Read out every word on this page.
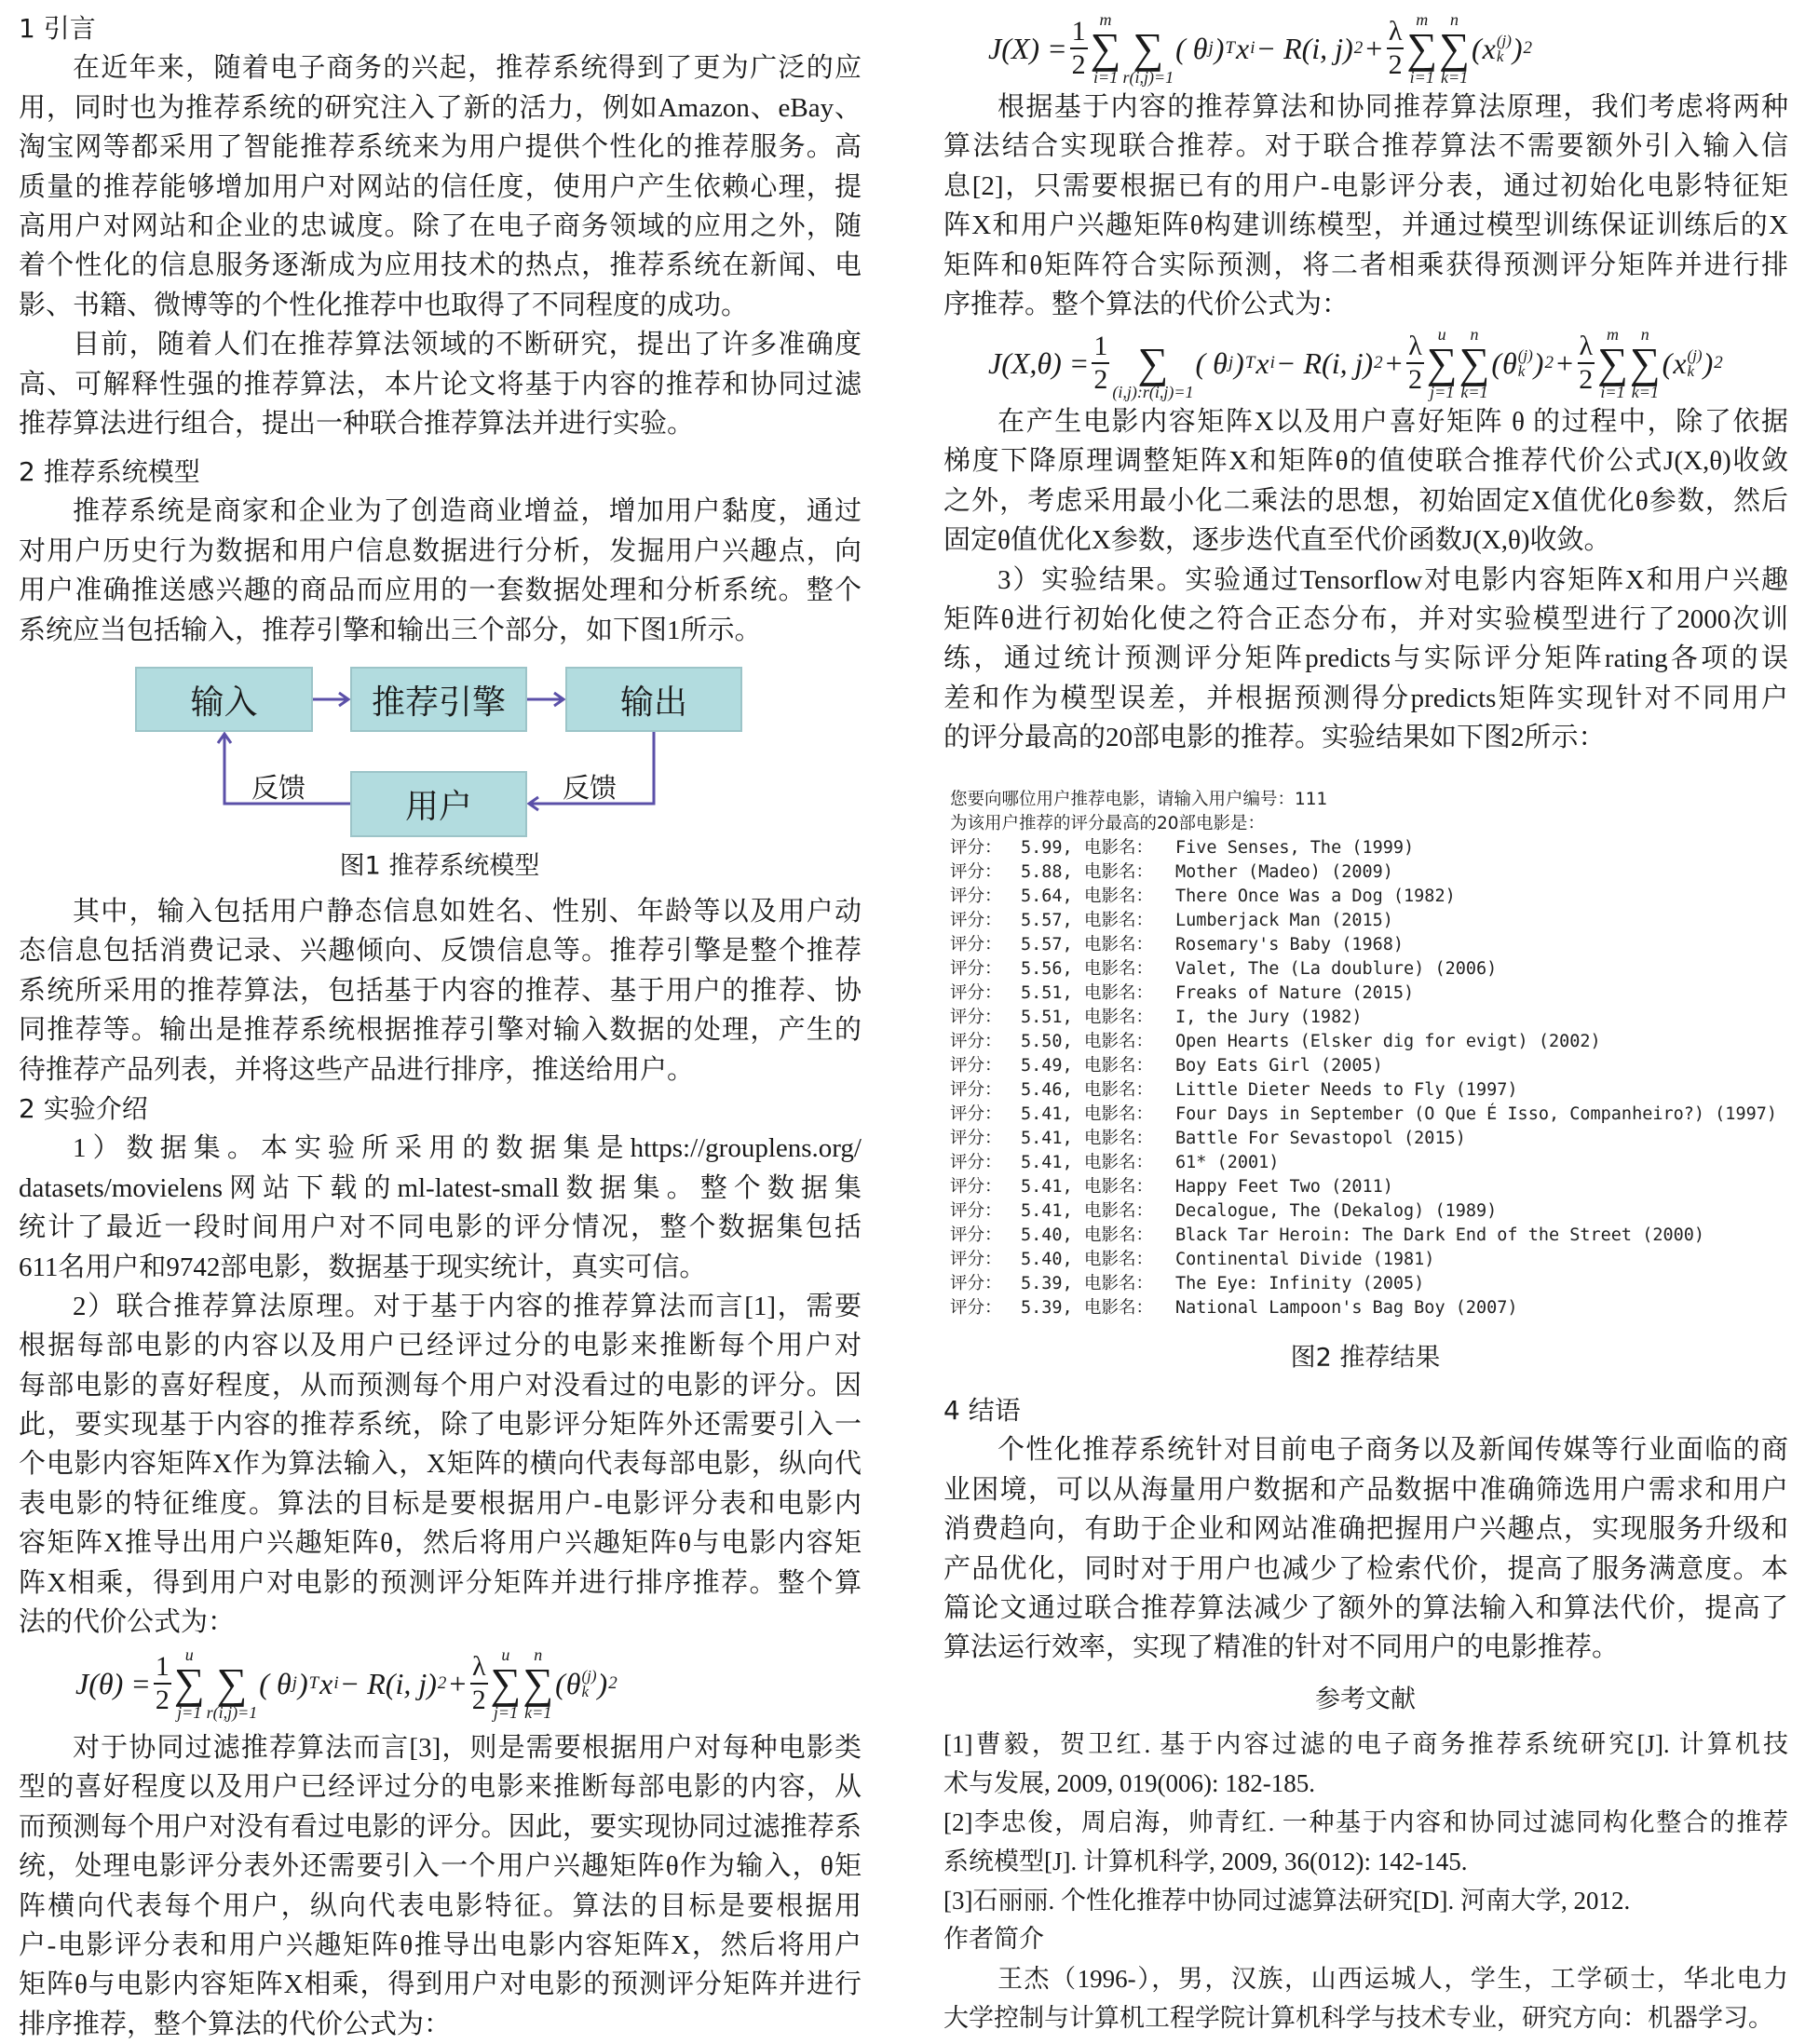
1 引言
在近年来，随着电子商务的兴起，推荐系统得到了更为广泛的应
用，同时也为推荐系统的研究注入了新的活力，例如Amazon、eBay、
淘宝网等都采用了智能推荐系统来为用户提供个性化的推荐服务。高
质量的推荐能够增加用户对网站的信任度，使用户产生依赖心理，提
高用户对网站和企业的忠诚度。除了在电子商务领域的应用之外，随
着个性化的信息服务逐渐成为应用技术的热点，推荐系统在新闻、电
影、书籍、微博等的个性化推荐中也取得了不同程度的成功。
目前，随着人们在推荐算法领域的不断研究，提出了许多准确度
高、可解释性强的推荐算法，本片论文将基于内容的推荐和协同过滤
推荐算法进行组合，提出一种联合推荐算法并进行实验。
2 推荐系统模型
推荐系统是商家和企业为了创造商业增益，增加用户黏度，通过
对用户历史行为数据和用户信息数据进行分析，发掘用户兴趣点，向
用户准确推送感兴趣的商品而应用的一套数据处理和分析系统。整个
系统应当包括输入，推荐引擎和输出三个部分，如下图1所示。
输入	推荐引擎	输出
用户
反馈	反馈
图1 推荐系统模型
其中，输入包括用户静态信息如姓名、性别、年龄等以及用户动
态信息包括消费记录、兴趣倾向、反馈信息等。推荐引擎是整个推荐
系统所采用的推荐算法，包括基于内容的推荐、基于用户的推荐、协
同推荐等。输出是推荐系统根据推荐引擎对输入数据的处理，产生的
待推荐产品列表，并将这些产品进行排序，推送给用户。
2 实验介绍
1）数据集。本实验所采用的数据集是https://grouplens.org/
datasets/movielens网站下载的ml-latest-small数据集。整个数据集
统计了最近一段时间用户对不同电影的评分情况，整个数据集包括
611名用户和9742部电影，数据基于现实统计，真实可信。
2）联合推荐算法原理。对于基于内容的推荐算法而言[1]，需要
根据每部电影的内容以及用户已经评过分的电影来推断每个用户对
每部电影的喜好程度，从而预测每个用户对没看过的电影的评分。因
此，要实现基于内容的推荐系统，除了电影评分矩阵外还需要引入一
个电影内容矩阵X作为算法输入，X矩阵的横向代表每部电影，纵向代
表电影的特征维度。算法的目标是要根据用户-电影评分表和电影内
容矩阵X推导出用户兴趣矩阵θ，然后将用户兴趣矩阵θ与电影内容矩
阵X相乘，得到用户对电影的预测评分矩阵并进行排序推荐。整个算
法的代价公式为：
$J(\theta) = \frac{1}{2}$ u
∑
j=1
∑
r(i,j)=1
( θ j ) T x i − R(i, j) $2 + \frac{\lambda}{2}$ u
∑
j=1
n
∑
k=1
( θ (j)
k ) 2
对于协同过滤推荐算法而言[3]，则是需要根据用户对每种电影类
型的喜好程度以及用户已经评过分的电影来推断每部电影的内容，从
而预测每个用户对没有看过电影的评分。因此，要实现协同过滤推荐系
统，处理电影评分表外还需要引入一个用户兴趣矩阵θ作为输入，θ矩
阵横向代表每个用户，纵向代表电影特征。算法的目标是要根据用
户-电影评分表和用户兴趣矩阵θ推导出电影内容矩阵X，然后将用户
矩阵θ与电影内容矩阵X相乘，得到用户对电影的预测评分矩阵并进行
排序推荐，整个算法的代价公式为：
$J(X) = \frac{1}{2}$ m
∑
i=1
∑
r(i,j)=1
( θ j ) T x i − R(i, j) $2 + \frac{\lambda}{2}$ m
∑
i=1
n
∑
k=1
( x (j)
k ) 2
根据基于内容的推荐算法和协同推荐算法原理，我们考虑将两种
算法结合实现联合推荐。对于联合推荐算法不需要额外引入输入信
息[2]，只需要根据已有的用户-电影评分表，通过初始化电影特征矩
阵X和用户兴趣矩阵θ构建训练模型，并通过模型训练保证训练后的X
矩阵和θ矩阵符合实际预测，将二者相乘获得预测评分矩阵并进行排
序推荐。整个算法的代价公式为：
$J(X,\theta) = \frac{1}{2}$ ∑
(i,j):r(i,j)=1
( θ j ) T x i − R(i, j) $2 + \frac{\lambda}{2}$ u
∑
j=1
n
∑
k=1
( θ (j)
k ) $2 + \frac{\lambda}{2}$ m
∑
i=1
n
∑
k=1
( x (j)
k ) 2
在产生电影内容矩阵X以及用户喜好矩阵 θ 的过程中，除了依据
梯度下降原理调整矩阵X和矩阵θ的值使联合推荐代价公式J(X,θ)收敛
之外，考虑采用最小化二乘法的思想，初始固定X值优化θ参数，然后
固定θ值优化X参数，逐步迭代直至代价函数J(X,θ)收敛。
3）实验结果。实验通过Tensorflow对电影内容矩阵X和用户兴趣
矩阵θ进行初始化使之符合正态分布，并对实验模型进行了2000次训
练，通过统计预测评分矩阵predicts与实际评分矩阵rating各项的误
差和作为模型误差，并根据预测得分predicts矩阵实现针对不同用户
的评分最高的20部电影的推荐。实验结果如下图2所示：
您要向哪位用户推荐电影，请输入用户编号：111
为该用户推荐的评分最高的20部电影是：
评分：	5.99, 电影名：	Five Senses, The (1999)
评分：	5.88, 电影名：	Mother (Madeo) (2009)
评分：	5.64, 电影名：	There Once Was a Dog (1982)
评分：	5.57, 电影名：	Lumberjack Man (2015)
评分：	5.57, 电影名：	Rosemary's Baby (1968)
评分：	5.56, 电影名：	Valet, The (La doublure) (2006)
评分：	5.51, 电影名：	Freaks of Nature (2015)
评分：	5.51, 电影名：	I, the Jury (1982)
评分：	5.50, 电影名：	Open Hearts (Elsker dig for evigt) (2002)
评分：	5.49, 电影名：	Boy Eats Girl (2005)
评分：	5.46, 电影名：	Little Dieter Needs to Fly (1997)
评分：	5.41, 电影名：	Four Days in September (O Que É Isso, Companheiro?) (1997)
评分：	5.41, 电影名：	Battle For Sevastopol (2015)
评分：	5.41, 电影名：	61* (2001)
评分：	5.41, 电影名：	Happy Feet Two (2011)
评分：	5.41, 电影名：	Decalogue, The (Dekalog) (1989)
评分：	5.40, 电影名：	Black Tar Heroin: The Dark End of the Street (2000)
评分：	5.40, 电影名：	Continental Divide (1981)
评分：	5.39, 电影名：	The Eye: Infinity (2005)
评分：	5.39, 电影名：	National Lampoon's Bag Boy (2007)
图2 推荐结果
4 结语
个性化推荐系统针对目前电子商务以及新闻传媒等行业面临的商
业困境，可以从海量用户数据和产品数据中准确筛选用户需求和用户
消费趋向，有助于企业和网站准确把握用户兴趣点，实现服务升级和
产品优化，同时对于用户也减少了检索代价，提高了服务满意度。本
篇论文通过联合推荐算法减少了额外的算法输入和算法代价，提高了
算法运行效率，实现了精准的针对不同用户的电影推荐。
参考文献
[1]曹毅，贺卫红. 基于内容过滤的电子商务推荐系统研究[J]. 计算机技
术与发展, 2009, 019(006): 182-185.
[2]李忠俊，周启海，帅青红. 一种基于内容和协同过滤同构化整合的推荐
系统模型[J]. 计算机科学, 2009, 36(012): 142-145.
[3]石丽丽. 个性化推荐中协同过滤算法研究[D]. 河南大学, 2012.
作者简介
王杰（1996-），男，汉族，山西运城人，学生，工学硕士，华北电力
大学控制与计算机工程学院计算机科学与技术专业，研究方向：机器学习。
